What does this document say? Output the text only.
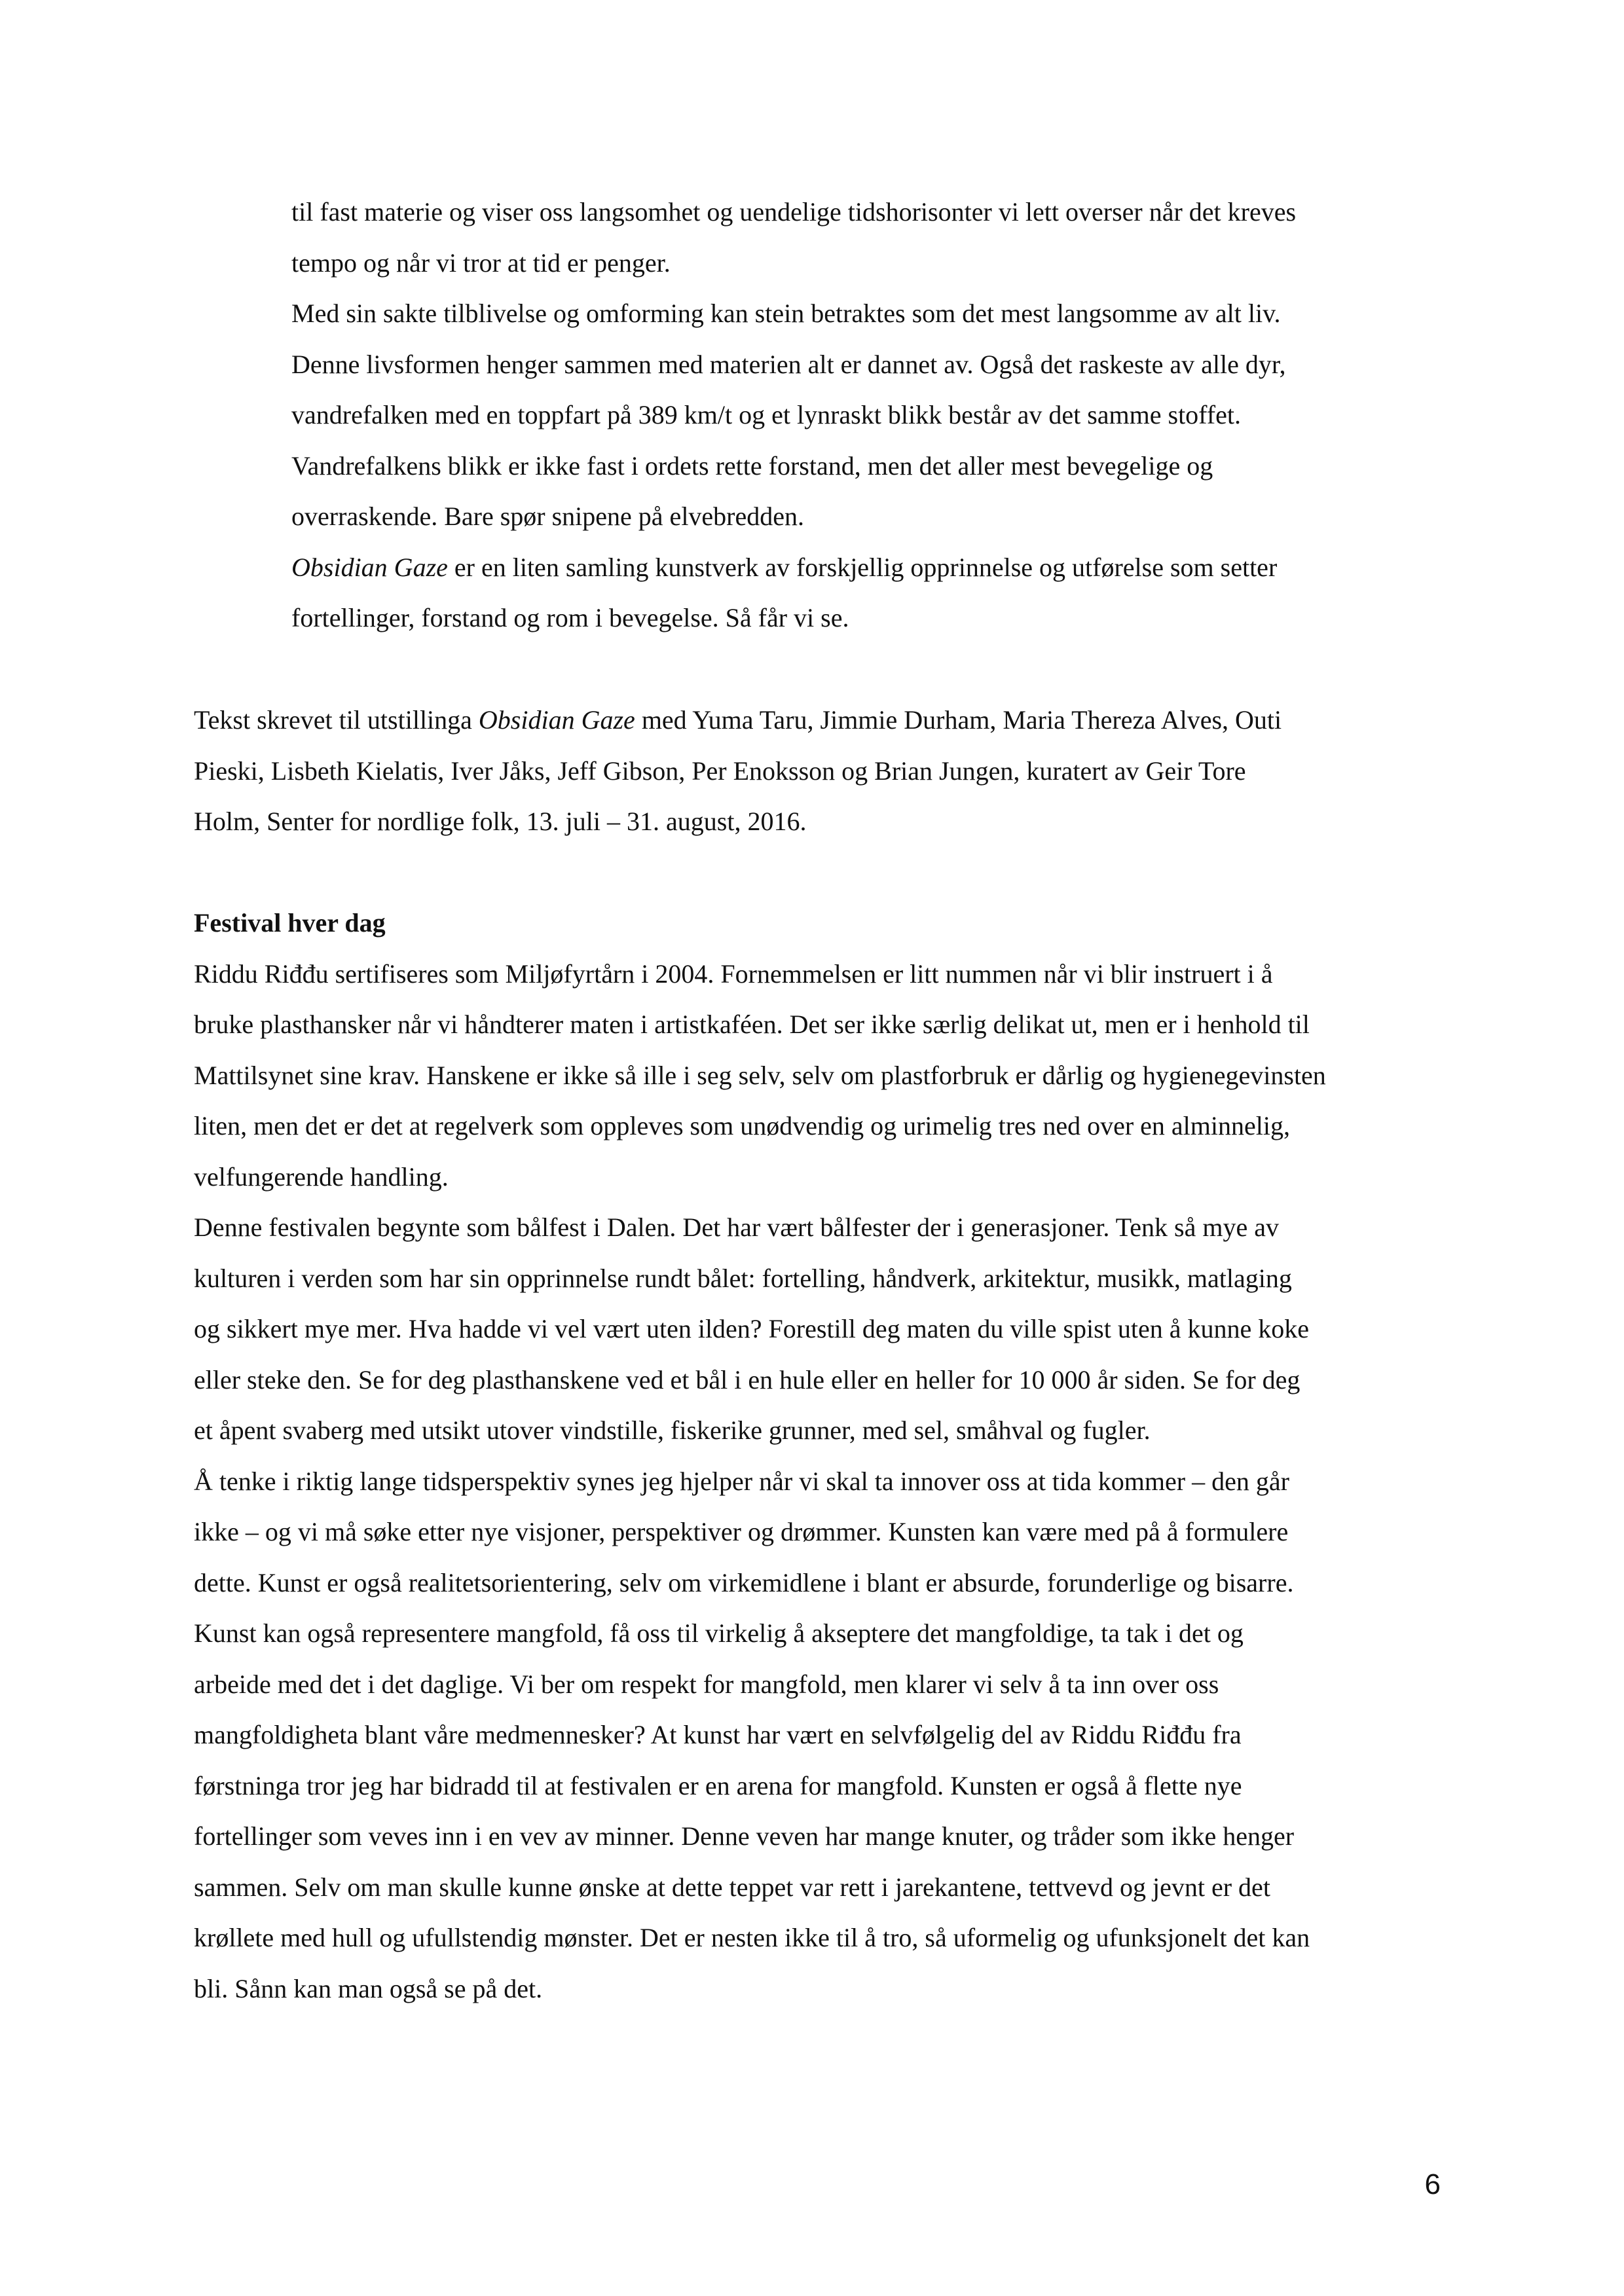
til fast materie og viser oss langsomhet og uendelige tidshorisonter vi lett overser når det kreves

tempo og når vi tror at tid er penger.

Med sin sakte tilblivelse og omforming kan stein betraktes som det mest langsomme av alt liv.

Denne livsformen henger sammen med materien alt er dannet av. Også det raskeste av alle dyr,

vandrefalken med en toppfart på 389 km/t og et lynraskt blikk består av det samme stoffet.

Vandrefalkens blikk er ikke fast i ordets rette forstand, men det aller mest bevegelige og

overraskende. Bare spør snipene på elvebredden.

Obsidian Gaze er en liten samling kunstverk av forskjellig opprinnelse og utførelse som setter

fortellinger, forstand og rom i bevegelse. Så får vi se.

Tekst skrevet til utstillinga Obsidian Gaze med Yuma Taru, Jimmie Durham, Maria Thereza Alves, Outi

Pieski, Lisbeth Kielatis, Iver Jåks, Jeff Gibson, Per Enoksson og Brian Jungen, kuratert av Geir Tore

Holm, Senter for nordlige folk, 13. juli – 31. august, 2016.

Festival hver dag

Riddu Riđđu sertifiseres som Miljøfyrtårn i 2004. Fornemmelsen er litt nummen når vi blir instruert i å

bruke plasthansker når vi håndterer maten i artistkaféen. Det ser ikke særlig delikat ut, men er i henhold til

Mattilsynet sine krav. Hanskene er ikke så ille i seg selv, selv om plastforbruk er dårlig og hygienegevinsten

liten, men det er det at regelverk som oppleves som unødvendig og urimelig tres ned over en alminnelig,

velfungerende handling.

Denne festivalen begynte som bålfest i Dalen. Det har vært bålfester der i generasjoner. Tenk så mye av

kulturen i verden som har sin opprinnelse rundt bålet: fortelling, håndverk, arkitektur, musikk, matlaging

og sikkert mye mer. Hva hadde vi vel vært uten ilden? Forestill deg maten du ville spist uten å kunne koke

eller steke den. Se for deg plasthanskene ved et bål i en hule eller en heller for 10 000 år siden. Se for deg

et åpent svaberg med utsikt utover vindstille, fiskerike grunner, med sel, småhval og fugler.

Å tenke i riktig lange tidsperspektiv synes jeg hjelper når vi skal ta innover oss at tida kommer – den går

ikke – og vi må søke etter nye visjoner, perspektiver og drømmer. Kunsten kan være med på å formulere

dette. Kunst er også realitetsorientering, selv om virkemidlene i blant er absurde, forunderlige og bisarre.

Kunst kan også representere mangfold, få oss til virkelig å akseptere det mangfoldige, ta tak i det og

arbeide med det i det daglige. Vi ber om respekt for mangfold, men klarer vi selv å ta inn over oss

mangfoldigheta blant våre medmennesker? At kunst har vært en selvfølgelig del av Riddu Riđđu fra

førstninga tror jeg har bidradd til at festivalen er en arena for mangfold. Kunsten er også å flette nye

fortellinger som veves inn i en vev av minner. Denne veven har mange knuter, og tråder som ikke henger

sammen. Selv om man skulle kunne ønske at dette teppet var rett i jarekantene, tettvevd og jevnt er det

krøllete med hull og ufullstendig mønster. Det er nesten ikke til å tro, så uformelig og ufunksjonelt det kan

bli. Sånn kan man også se på det.

6
